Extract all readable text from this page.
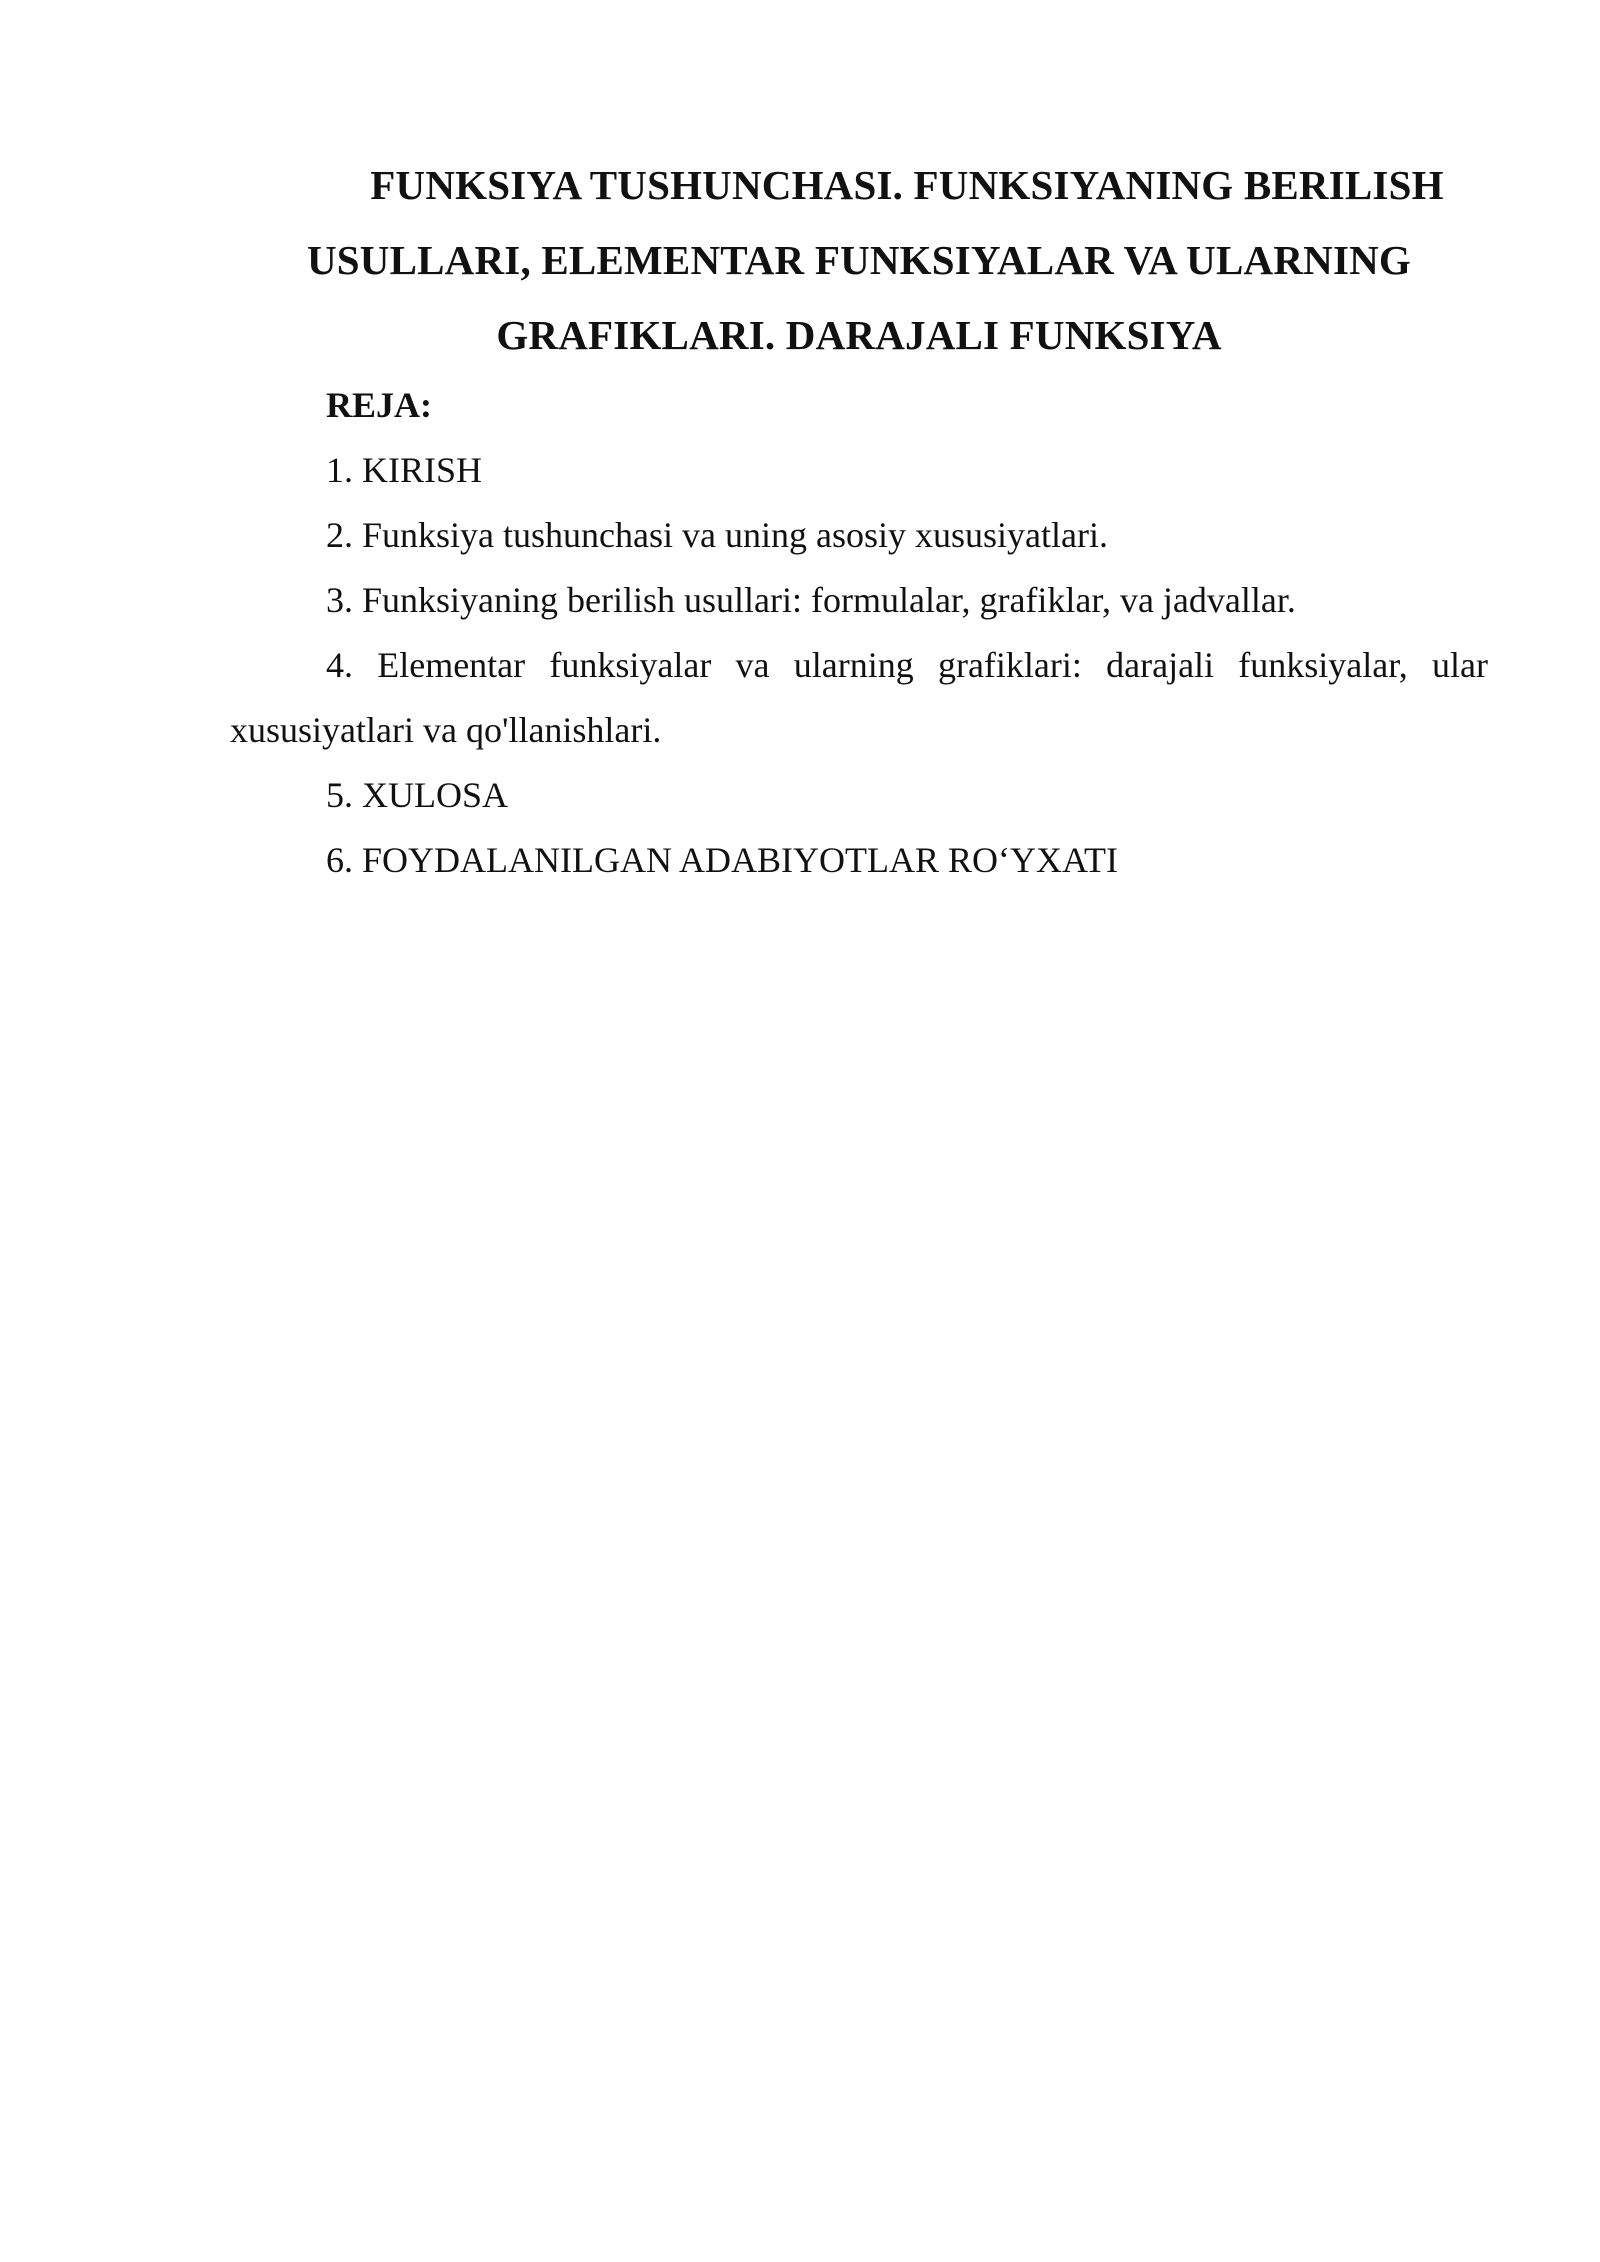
FUNKSIYA TUSHUNCHASI. FUNKSIYANING BERILISH
USULLARI, ELEMENTAR FUNKSIYALAR VA ULARNING
GRAFIKLARI. DARAJALI FUNKSIYA

REJA:

1. KIRISH
2. Funksiya tushunchasi va uning asosiy xususiyatlari.
3. Funksiyaning berilish usullari: formulalar, grafiklar, va jadvallar.
4. Elementar funksiyalar va ularning grafiklari: darajali funksiyalar, ular xususiyatlari va qo'llanishlari.
5. XULOSA
6. FOYDALANILGAN ADABIYOTLAR RO‘YXATI
